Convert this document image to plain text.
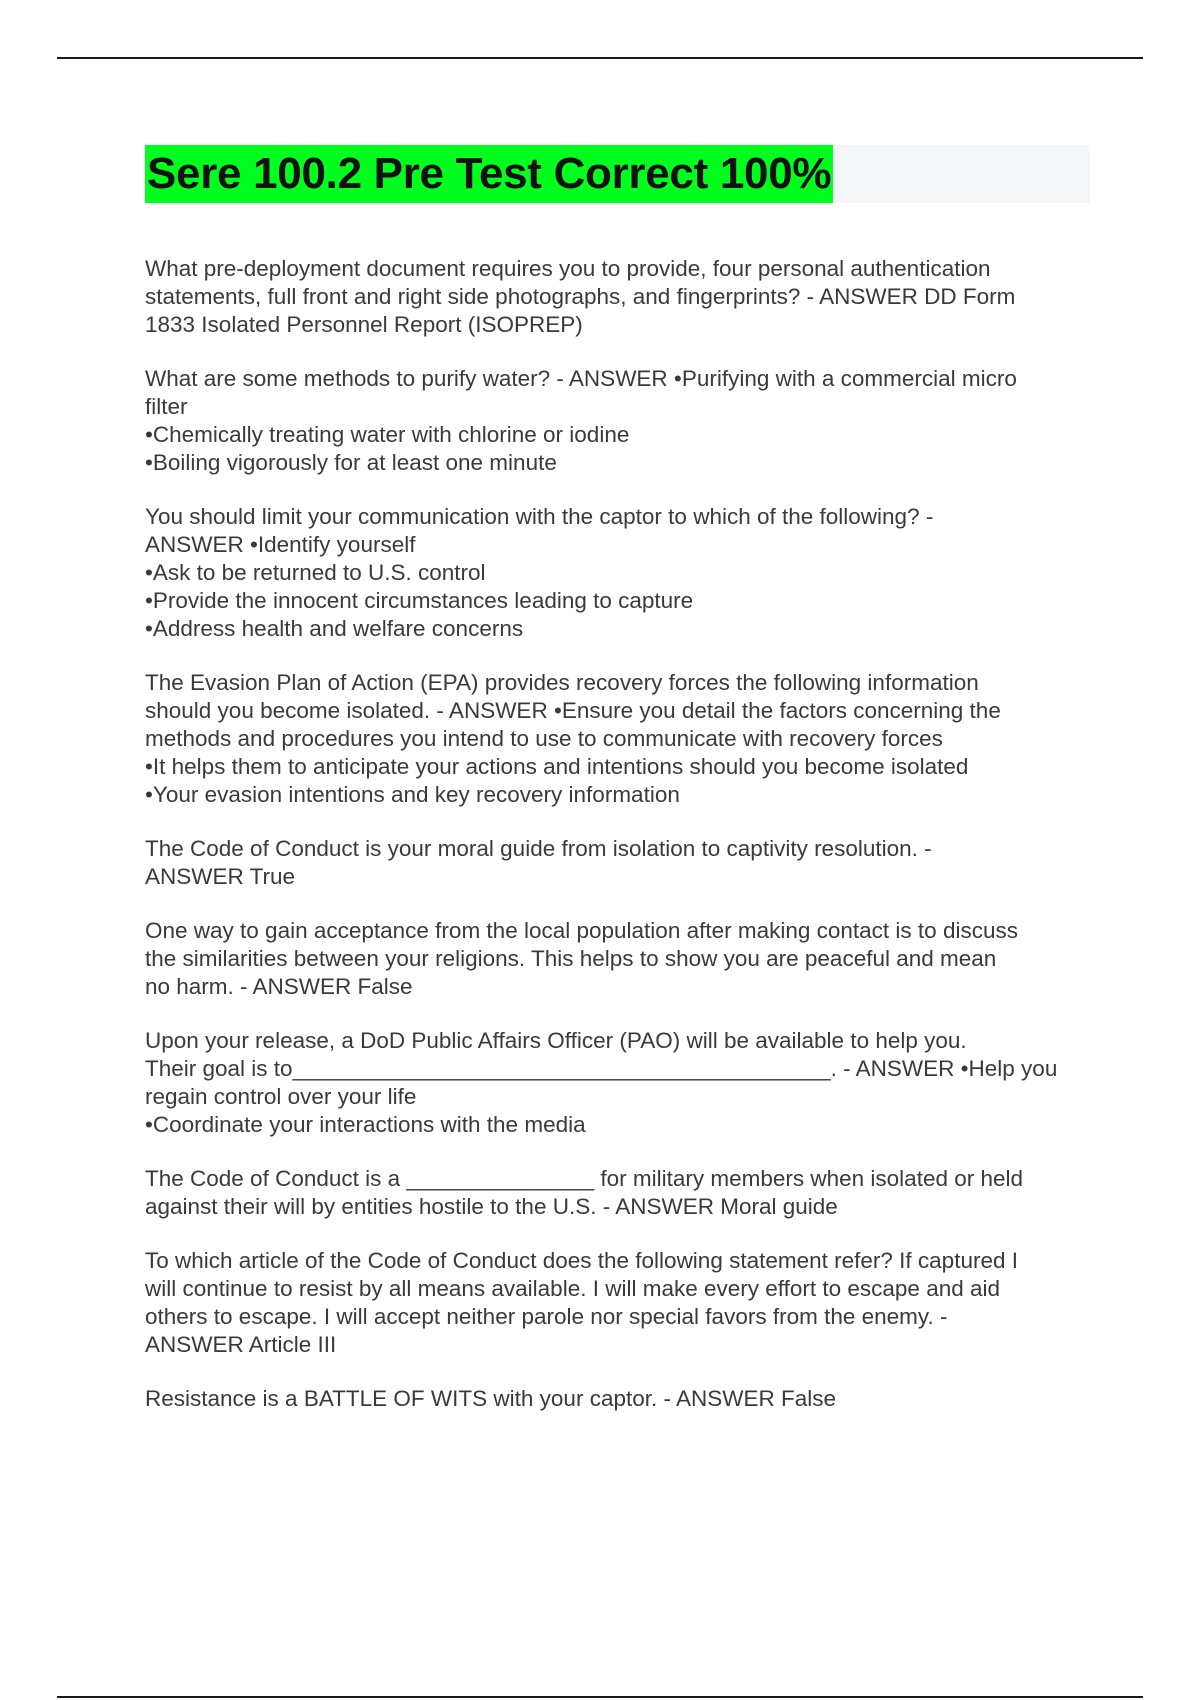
Sere 100.2 Pre Test Correct 100%
What pre-deployment document requires you to provide, four personal authentication
statements, full front and right side photographs, and fingerprints? - ANSWER DD Form
1833 Isolated Personnel Report (ISOPREP)
What are some methods to purify water? - ANSWER •Purifying with a commercial micro
filter
•Chemically treating water with chlorine or iodine
•Boiling vigorously for at least one minute
You should limit your communication with the captor to which of the following? -
ANSWER •Identify yourself
•Ask to be returned to U.S. control
•Provide the innocent circumstances leading to capture
•Address health and welfare concerns
The Evasion Plan of Action (EPA) provides recovery forces the following information
should you become isolated. - ANSWER •Ensure you detail the factors concerning the
methods and procedures you intend to use to communicate with recovery forces
•It helps them to anticipate your actions and intentions should you become isolated
•Your evasion intentions and key recovery information
The Code of Conduct is your moral guide from isolation to captivity resolution. -
ANSWER True
One way to gain acceptance from the local population after making contact is to discuss
the similarities between your religions. This helps to show you are peaceful and mean
no harm. - ANSWER False
Upon your release, a DoD Public Affairs Officer (PAO) will be available to help you.
Their goal is to___________________________________________. - ANSWER •Help you
regain control over your life
•Coordinate your interactions with the media
The Code of Conduct is a _______________ for military members when isolated or held
against their will by entities hostile to the U.S. - ANSWER Moral guide
To which article of the Code of Conduct does the following statement refer? If captured I
will continue to resist by all means available. I will make every effort to escape and aid
others to escape. I will accept neither parole nor special favors from the enemy. -
ANSWER Article III
Resistance is a BATTLE OF WITS with your captor. - ANSWER False
